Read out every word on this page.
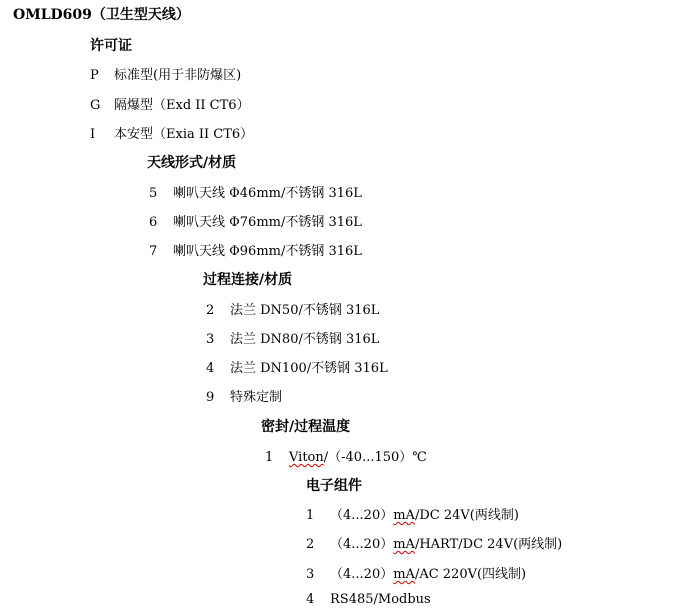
OMLD609（卫生型天线）
许可证
P 标准型(用于非防爆区)
G 隔爆型（Exd II CT6）
I 本安型（Exia II CT6）
天线形式/材质
5 喇叭天线 Φ46mm/不锈钢 316L
6 喇叭天线 Φ76mm/不锈钢 316L
7 喇叭天线 Φ96mm/不锈钢 316L
过程连接/材质
2 法兰 DN50/不锈钢 316L
3 法兰 DN80/不锈钢 316L
4 法兰 DN100/不锈钢 316L
9 特殊定制
密封/过程温度
1 Viton/（-40...150）℃
电子组件
1 （4...20）mA/DC 24V(两线制)
2 （4...20）mA/HART/DC 24V(两线制)
3 （4...20）mA/AC 220V(四线制)
4 RS485/Modbus
